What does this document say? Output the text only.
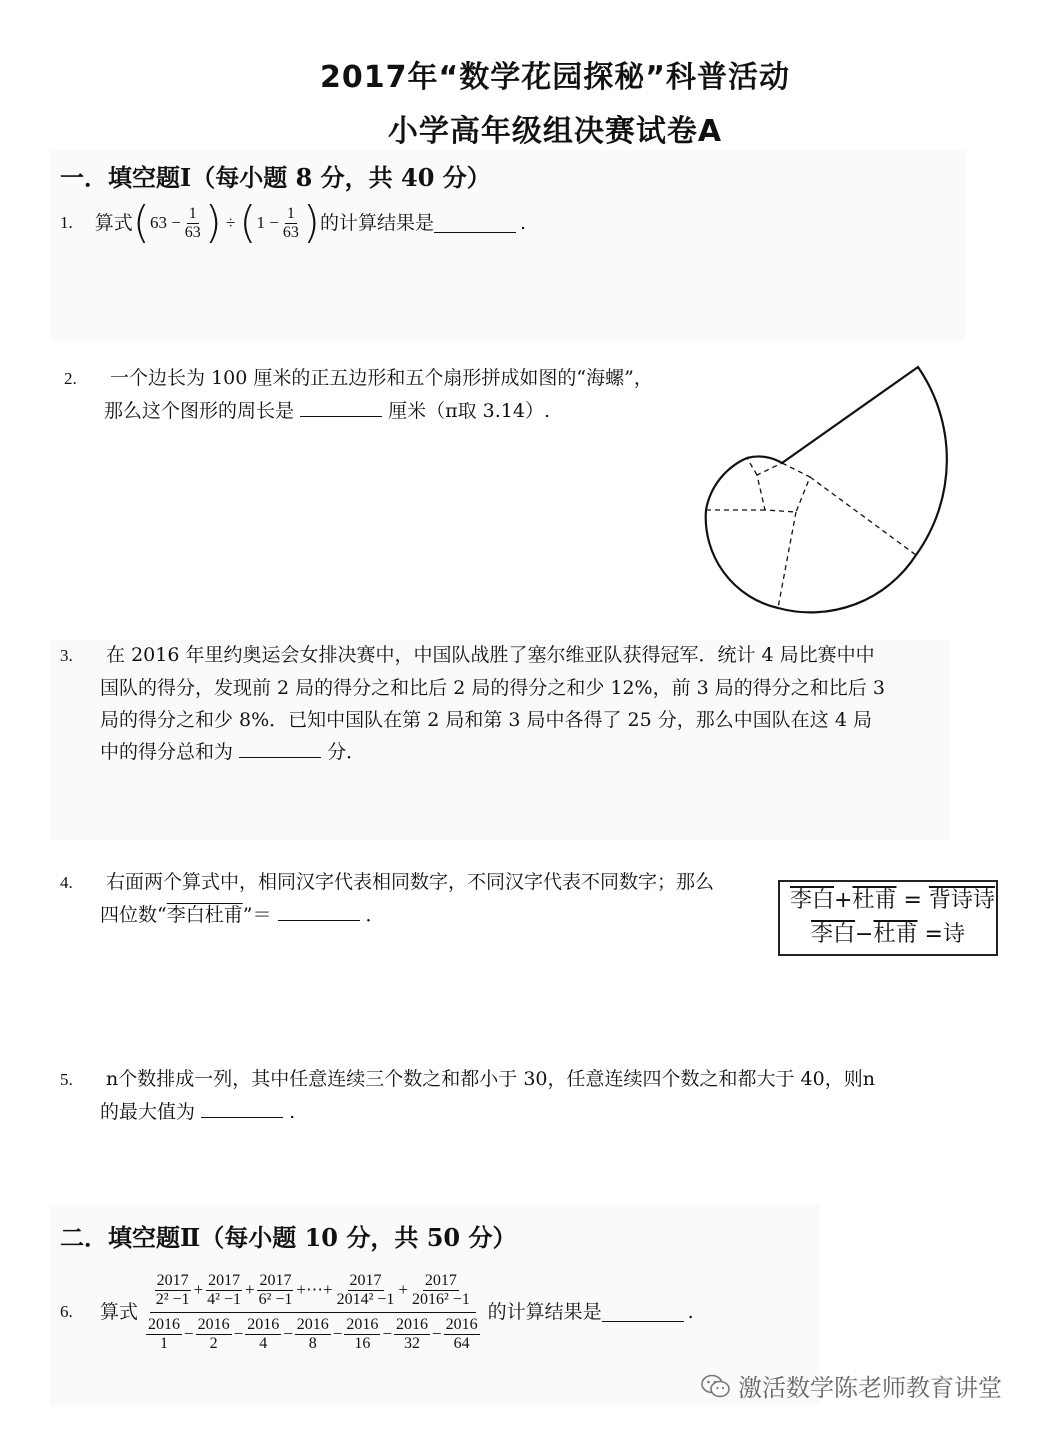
2017年“数学花园探秘”科普活动
小学高年级组决赛试卷A
一．填空题Ⅰ（每小题 8 分，共 40 分）
1. 算式 ( $63 - \frac{1}{63}$ ) ÷ ( $1 - \frac{1}{63}$ ) 的计算结果是	.
2. 一个边长为 100 厘米的正五边形和五个扇形拼成如图的“海螺”，
那么这个图形的周长是	厘米（π取 3.14）.
3. 在 2016 年里约奥运会女排决赛中，中国队战胜了塞尔维亚队获得冠军．统计 4 局比赛中中
国队的得分，发现前 2 局的得分之和比后 2 局的得分之和少 12%，前 3 局的得分之和比后 3
局的得分之和少 8%．已知中国队在第 2 局和第 3 局中各得了 25 分，那么中国队在这 4 局
中的得分总和为	分．
4. 右面两个算式中，相同汉字代表相同数字，不同汉字代表不同数字；那么
四位数“李白杜甫”＝	．
李白+杜甫 = 背诗诗
李白−杜甫 =诗
5. n个数排成一列，其中任意连续三个数之和都小于 30，任意连续四个数之和都大于 40，则n
的最大值为	.
二．填空题Ⅱ（每小题 10 分，共 50 分）
6.	算式
$\frac{2017}{\text{2² −1}} + \frac{2017}{\text{4² −1}} + \frac{2017}{\text{6² −1}}$ +⋯+ $\frac{2017}{\text{2014² −1}} + \frac{2017}{\text{2016² −1}}$
$\frac{2016}{1} - \frac{2016}{2} - \frac{2016}{4} - \frac{2016}{8} - \frac{2016}{16} - \frac{2016}{32} - \frac{2016}{64}$
的计算结果是	.
激活数学陈老师教育讲堂
